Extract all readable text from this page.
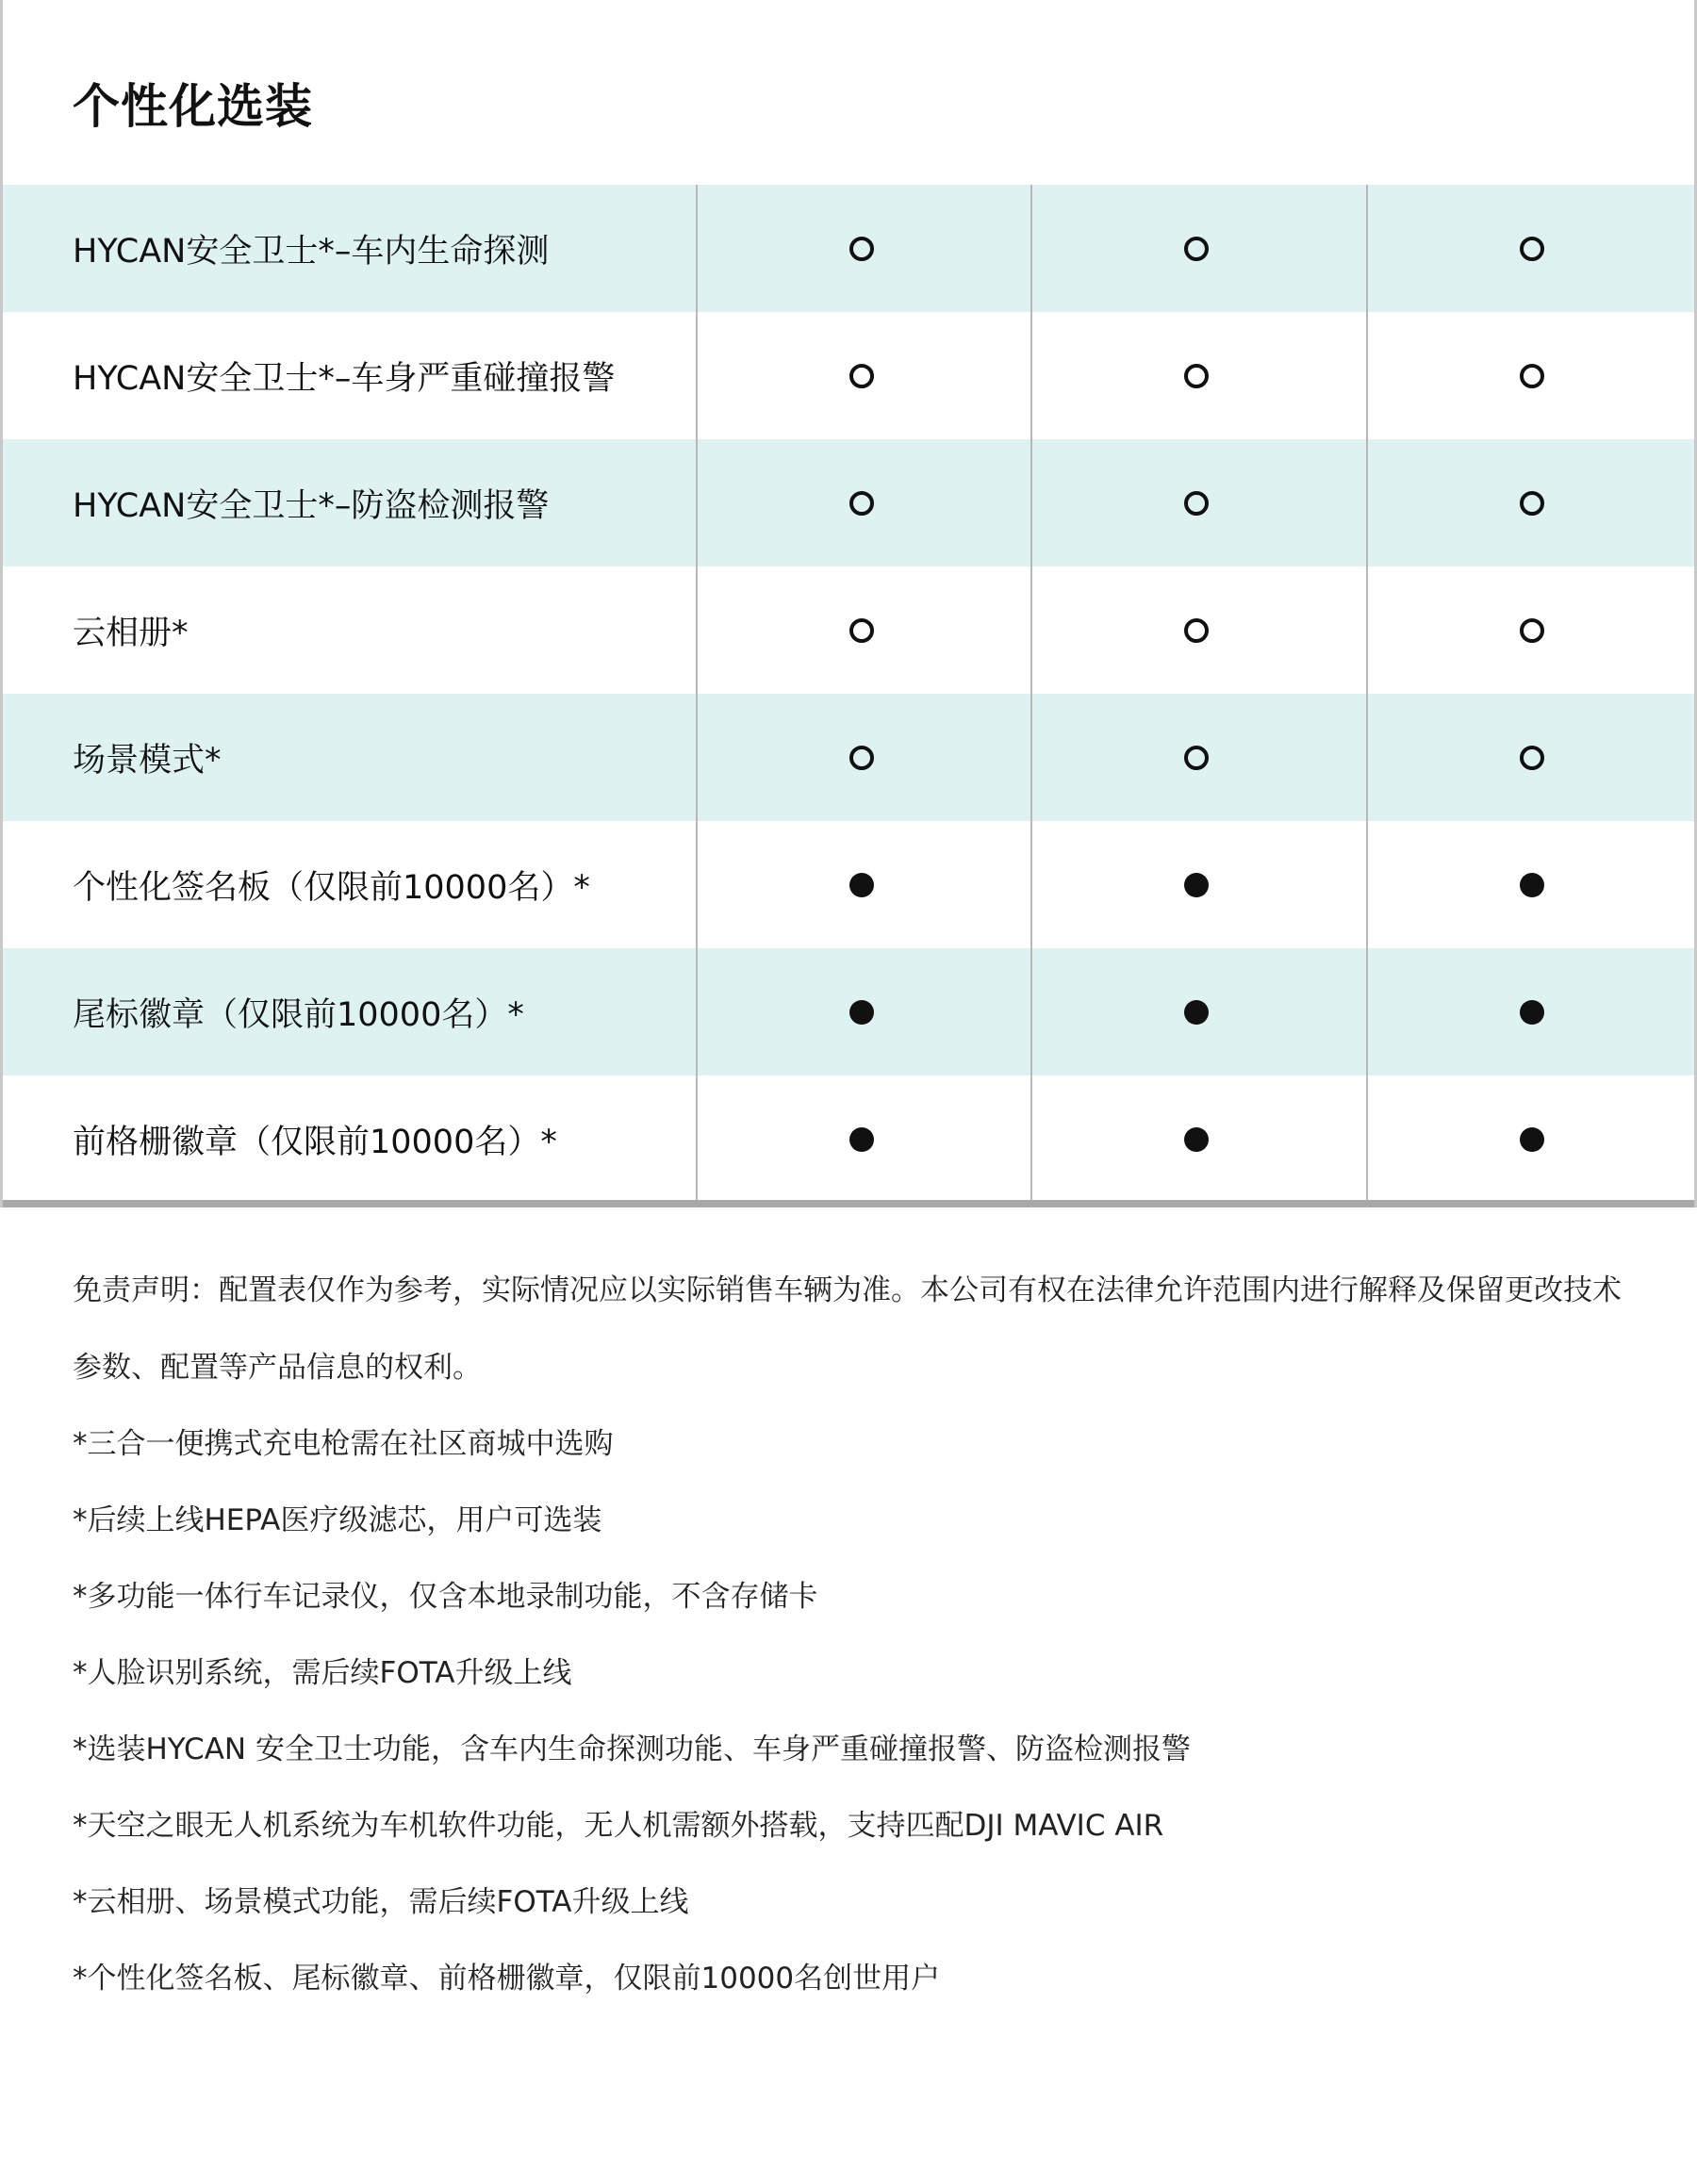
个性化选装
HYCAN安全卫士*–车内生命探测
HYCAN安全卫士*–车身严重碰撞报警
HYCAN安全卫士*–防盗检测报警
云相册*
场景模式*
个性化签名板（仅限前10000名）*
尾标徽章（仅限前10000名）*
前格栅徽章（仅限前10000名）*

免责声明：配置表仅作为参考，实际情况应以实际销售车辆为准。本公司有权在法律允许范围内进行解释及保留更改技术参数、配置等产品信息的权利。

*三合一便携式充电枪需在社区商城中选购

*后续上线HEPA医疗级滤芯，用户可选装

*多功能一体行车记录仪，仅含本地录制功能，不含存储卡

*人脸识别系统，需后续FOTA升级上线

*选装HYCAN 安全卫士功能，含车内生命探测功能、车身严重碰撞报警、防盗检测报警

*天空之眼无人机系统为车机软件功能，无人机需额外搭载，支持匹配DJI MAVIC AIR

*云相册、场景模式功能，需后续FOTA升级上线

*个性化签名板、尾标徽章、前格栅徽章，仅限前10000名创世用户
